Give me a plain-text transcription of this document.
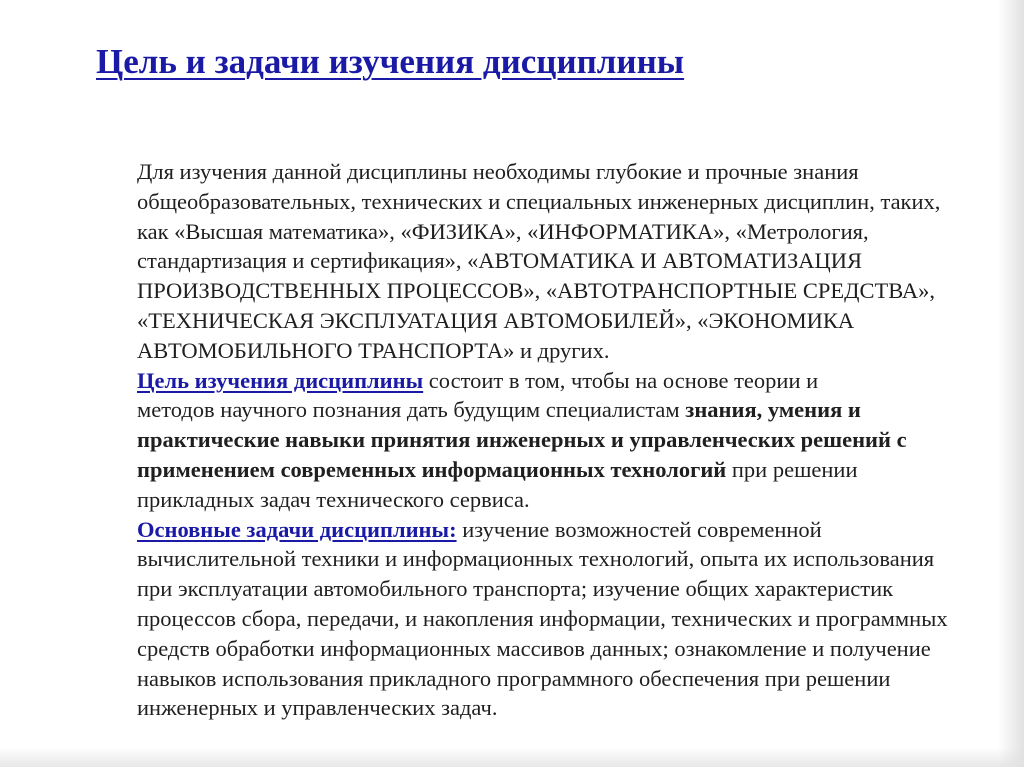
Цель и задачи изучения дисциплины

Для изучения данной дисциплины необходимы глубокие и прочные знания
общеобразовательных, технических и специальных инженерных дисциплин, таких,
как «Высшая математика», «ФИЗИКА», «ИНФОРМАТИКА», «Метрология,
стандартизация и сертификация», «АВТОМАТИКА И АВТОМАТИЗАЦИЯ
ПРОИЗВОДСТВЕННЫХ ПРОЦЕССОВ», «АВТОТРАНСПОРТНЫЕ СРЕДСТВА»,
«ТЕХНИЧЕСКАЯ ЭКСПЛУАТАЦИЯ АВТОМОБИЛЕЙ», «ЭКОНОМИКА
АВТОМОБИЛЬНОГО ТРАНСПОРТА» и других.

Цель изучения дисциплины состоит в том, чтобы на основе теории и
методов научного познания дать будущим специалистам знания, умения и
практические навыки принятия инженерных и управленческих решений с
применением современных информационных технологий при решении
прикладных задач технического сервиса.

Основные задачи дисциплины: изучение возможностей современной
вычислительной техники и информационных технологий, опыта их использования
при эксплуатации автомобильного транспорта; изучение общих характеристик
процессов сбора, передачи, и накопления информации, технических и программных
средств обработки информационных массивов данных; ознакомление и получение
навыков использования прикладного программного обеспечения при решении
инженерных и управленческих задач.
